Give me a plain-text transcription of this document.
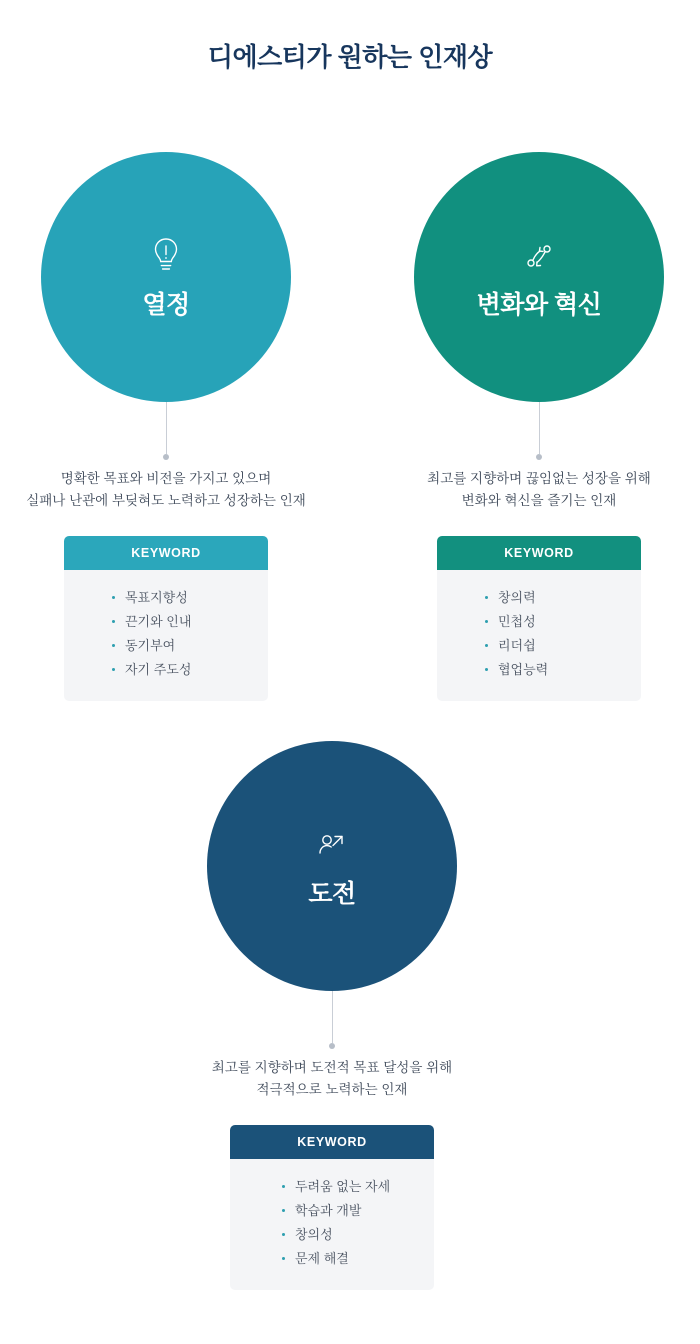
디에스티가 원하는 인재상
열정
명확한 목표와 비전을 가지고 있으며
실패나 난관에 부딪혀도 노력하고 성장하는 인재
KEYWORD
목표지향성
끈기와 인내
동기부여
자기 주도성
변화와 혁신
최고를 지향하며 끊임없는 성장을 위해
변화와 혁신을 즐기는 인재
KEYWORD
창의력
민첩성
리더쉽
협업능력
도전
최고를 지향하며 도전적 목표 달성을 위해
적극적으로 노력하는 인재
KEYWORD
두려움 없는 자세
학습과 개발
창의성
문제 해결
